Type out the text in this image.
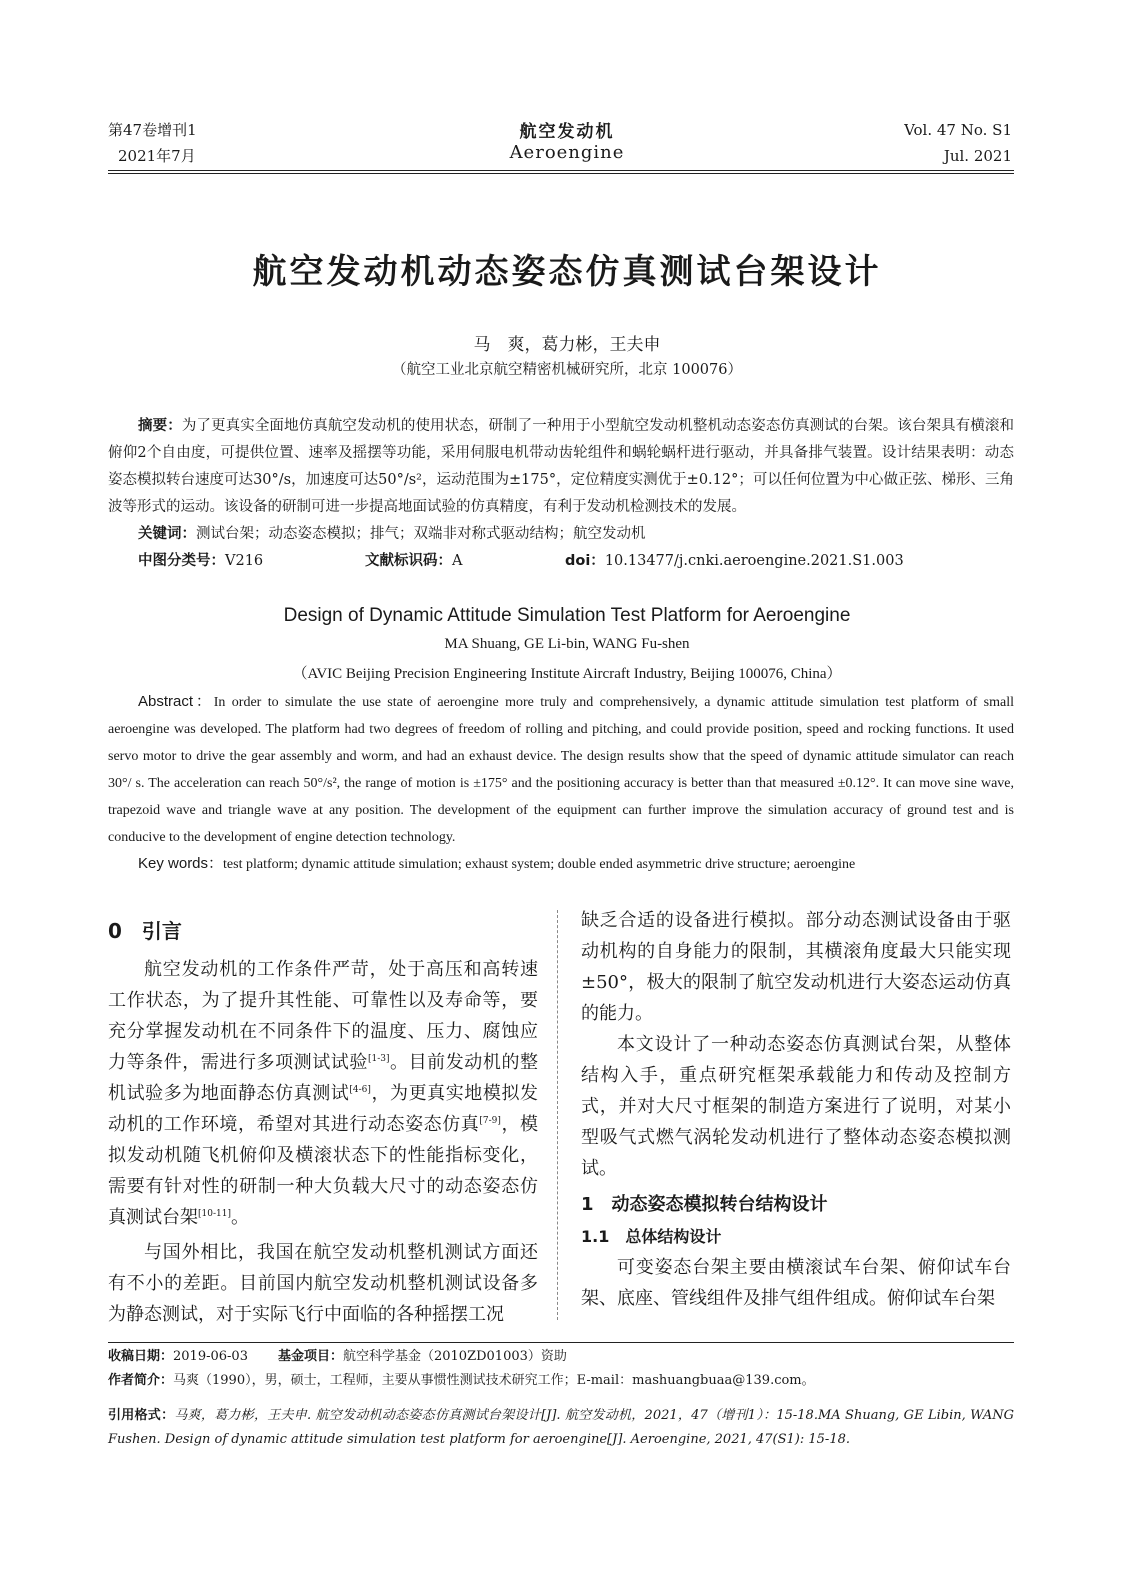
第47卷增刊1
2021年7月
航空发动机
Aeroengine
Vol. 47 No. S1
Jul. 2021
航空发动机动态姿态仿真测试台架设计
马　爽，葛力彬，王夫申
（航空工业北京航空精密机械研究所，北京 100076）
摘要：为了更真实全面地仿真航空发动机的使用状态，研制了一种用于小型航空发动机整机动态姿态仿真测试的台架。该台架具有横滚和俯仰2个自由度，可提供位置、速率及摇摆等功能，采用伺服电机带动齿轮组件和蜗轮蜗杆进行驱动，并具备排气装置。设计结果表明：动态姿态模拟转台速度可达30°/s，加速度可达50°/s²，运动范围为±175°，定位精度实测优于±0.12°；可以任何位置为中心做正弦、梯形、三角波等形式的运动。该设备的研制可进一步提高地面试验的仿真精度，有利于发动机检测技术的发展。
关键词：测试台架；动态姿态模拟；排气；双端非对称式驱动结构；航空发动机
中图分类号：V216	文献标识码：A	doi：10.13477/j.cnki.aeroengine.2021.S1.003
Design of Dynamic Attitude Simulation Test Platform for Aeroengine
MA Shuang, GE Li-bin, WANG Fu-shen
（AVIC Beijing Precision Engineering Institute Aircraft Industry, Beijing 100076, China）
Abstract：In order to simulate the use state of aeroengine more truly and comprehensively, a dynamic attitude simulation test platform of small aeroengine was developed. The platform had two degrees of freedom of rolling and pitching, and could provide position, speed and rocking functions. It used servo motor to drive the gear assembly and worm, and had an exhaust device. The design results show that the speed of dynamic attitude simulator can reach 30°/ s. The acceleration can reach 50°/s², the range of motion is ±175° and the positioning accuracy is better than that measured ±0.12°. It can move sine wave, trapezoid wave and triangle wave at any position. The development of the equipment can further improve the simulation accuracy of ground test and is conducive to the development of engine detection technology.
Key words：test platform; dynamic attitude simulation; exhaust system; double ended asymmetric drive structure; aeroengine

0　引言

航空发动机的工作条件严苛，处于高压和高转速工作状态，为了提升其性能、可靠性以及寿命等，要充分掌握发动机在不同条件下的温度、压力、腐蚀应力等条件，需进行多项测试试验[1-3]。目前发动机的整机试验多为地面静态仿真测试[4-6]，为更真实地模拟发动机的工作环境，希望对其进行动态姿态仿真[7-9]，模拟发动机随飞机俯仰及横滚状态下的性能指标变化，需要有针对性的研制一种大负载大尺寸的动态姿态仿真测试台架[10-11]。

与国外相比，我国在航空发动机整机测试方面还有不小的差距。目前国内航空发动机整机测试设备多为静态测试，对于实际飞行中面临的各种摇摆工况

缺乏合适的设备进行模拟。部分动态测试设备由于驱动机构的自身能力的限制，其横滚角度最大只能实现 ±50°，极大的限制了航空发动机进行大姿态运动仿真的能力。

本文设计了一种动态姿态仿真测试台架，从整体结构入手，重点研究框架承载能力和传动及控制方式，并对大尺寸框架的制造方案进行了说明，对某小型吸气式燃气涡轮发动机进行了整体动态姿态模拟测试。

1　动态姿态模拟转台结构设计

1.1　总体结构设计

可变姿态台架主要由横滚试车台架、俯仰试车台架、底座、管线组件及排气组件组成。俯仰试车台架

收稿日期：2019-06-03 基金项目：航空科学基金（2010ZD01003）资助
作者简介：马爽（1990），男，硕士，工程师，主要从事惯性测试技术研究工作；E-mail：mashuangbuaa@139.com。
引用格式：马爽，葛力彬，王夫申. 航空发动机动态姿态仿真测试台架设计[J]. 航空发动机，2021，47（增刊1）：15-18.MA Shuang, GE Libin, WANG Fushen. Design of dynamic attitude simulation test platform for aeroengine[J]. Aeroengine, 2021, 47(S1): 15-18.
